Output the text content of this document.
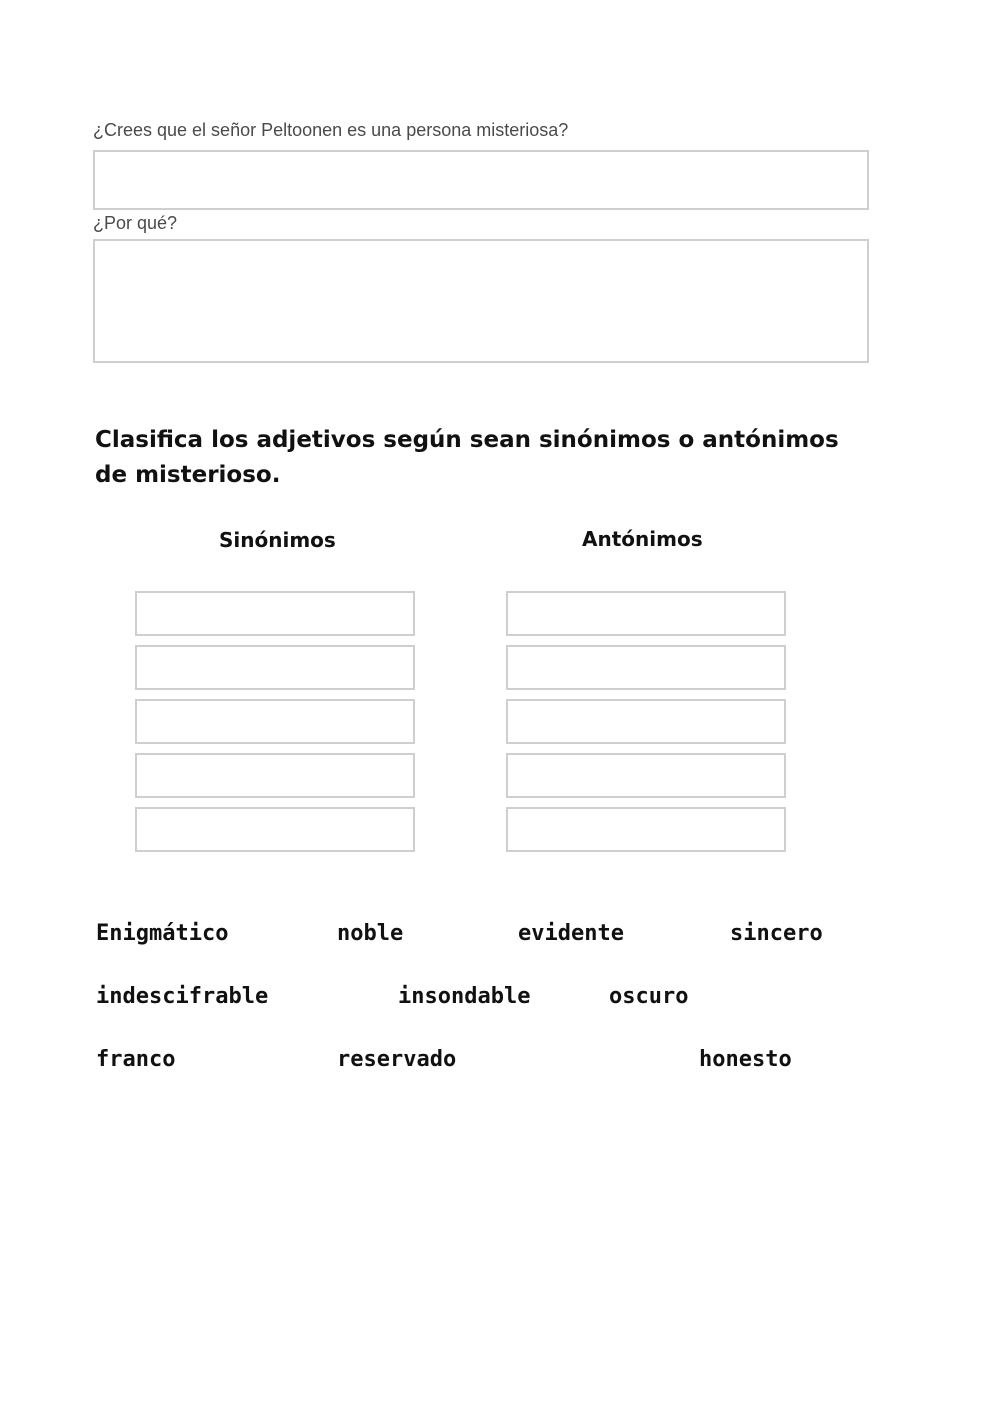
¿Crees que el señor Peltoonen es una persona misteriosa?
¿Por qué?
Clasifica los adjetivos según sean sinónimos o antónimos de misterioso.
Sinónimos	Antónimos
Enigmático	noble	evidente	sincero
indescifrable	insondable	oscuro
franco	reservado	honesto
